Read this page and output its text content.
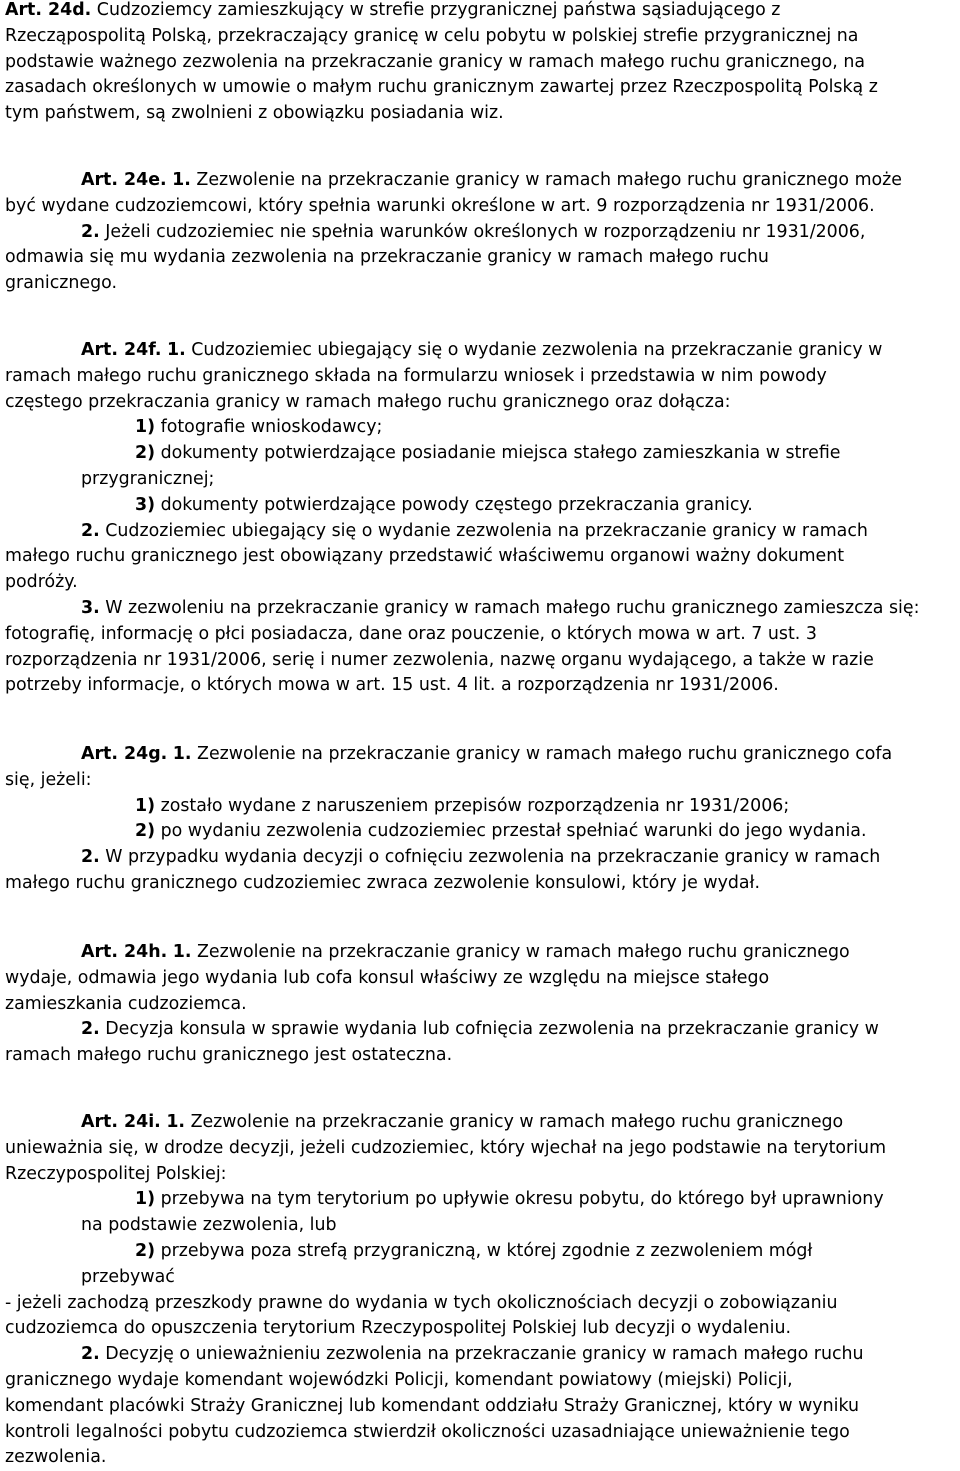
Art. 24d. Cudzoziemcy zamieszkujący w strefie przygranicznej państwa sąsiadującego z
Rzecząpospolitą Polską, przekraczający granicę w celu pobytu w polskiej strefie przygranicznej na
podstawie ważnego zezwolenia na przekraczanie granicy w ramach małego ruchu granicznego, na
zasadach określonych w umowie o małym ruchu granicznym zawartej przez Rzeczpospolitą Polską z
tym państwem, są zwolnieni z obowiązku posiadania wiz.
Art. 24e. 1. Zezwolenie na przekraczanie granicy w ramach małego ruchu granicznego może
być wydane cudzoziemcowi, który spełnia warunki określone w art. 9 rozporządzenia nr 1931/2006.
2. Jeżeli cudzoziemiec nie spełnia warunków określonych w rozporządzeniu nr 1931/2006,
odmawia się mu wydania zezwolenia na przekraczanie granicy w ramach małego ruchu
granicznego.
Art. 24f. 1. Cudzoziemiec ubiegający się o wydanie zezwolenia na przekraczanie granicy w
ramach małego ruchu granicznego składa na formularzu wniosek i przedstawia w nim powody
częstego przekraczania granicy w ramach małego ruchu granicznego oraz dołącza:
1) fotografie wnioskodawcy;
2) dokumenty potwierdzające posiadanie miejsca stałego zamieszkania w strefie
przygranicznej;
3) dokumenty potwierdzające powody częstego przekraczania granicy.
2. Cudzoziemiec ubiegający się o wydanie zezwolenia na przekraczanie granicy w ramach
małego ruchu granicznego jest obowiązany przedstawić właściwemu organowi ważny dokument
podróży.
3. W zezwoleniu na przekraczanie granicy w ramach małego ruchu granicznego zamieszcza się:
fotografię, informację o płci posiadacza, dane oraz pouczenie, o których mowa w art. 7 ust. 3
rozporządzenia nr 1931/2006, serię i numer zezwolenia, nazwę organu wydającego, a także w razie
potrzeby informacje, o których mowa w art. 15 ust. 4 lit. a rozporządzenia nr 1931/2006.
Art. 24g. 1. Zezwolenie na przekraczanie granicy w ramach małego ruchu granicznego cofa
się, jeżeli:
1) zostało wydane z naruszeniem przepisów rozporządzenia nr 1931/2006;
2) po wydaniu zezwolenia cudzoziemiec przestał spełniać warunki do jego wydania.
2. W przypadku wydania decyzji o cofnięciu zezwolenia na przekraczanie granicy w ramach
małego ruchu granicznego cudzoziemiec zwraca zezwolenie konsulowi, który je wydał.
Art. 24h. 1. Zezwolenie na przekraczanie granicy w ramach małego ruchu granicznego
wydaje, odmawia jego wydania lub cofa konsul właściwy ze względu na miejsce stałego
zamieszkania cudzoziemca.
2. Decyzja konsula w sprawie wydania lub cofnięcia zezwolenia na przekraczanie granicy w
ramach małego ruchu granicznego jest ostateczna.
Art. 24i. 1. Zezwolenie na przekraczanie granicy w ramach małego ruchu granicznego
unieważnia się, w drodze decyzji, jeżeli cudzoziemiec, który wjechał na jego podstawie na terytorium
Rzeczypospolitej Polskiej:
1) przebywa na tym terytorium po upływie okresu pobytu, do którego był uprawniony
na podstawie zezwolenia, lub
2) przebywa poza strefą przygraniczną, w której zgodnie z zezwoleniem mógł
przebywać
- jeżeli zachodzą przeszkody prawne do wydania w tych okolicznościach decyzji o zobowiązaniu
cudzoziemca do opuszczenia terytorium Rzeczypospolitej Polskiej lub decyzji o wydaleniu.
2. Decyzję o unieważnieniu zezwolenia na przekraczanie granicy w ramach małego ruchu
granicznego wydaje komendant wojewódzki Policji, komendant powiatowy (miejski) Policji,
komendant placówki Straży Granicznej lub komendant oddziału Straży Granicznej, który w wyniku
kontroli legalności pobytu cudzoziemca stwierdził okoliczności uzasadniające unieważnienie tego
zezwolenia.
